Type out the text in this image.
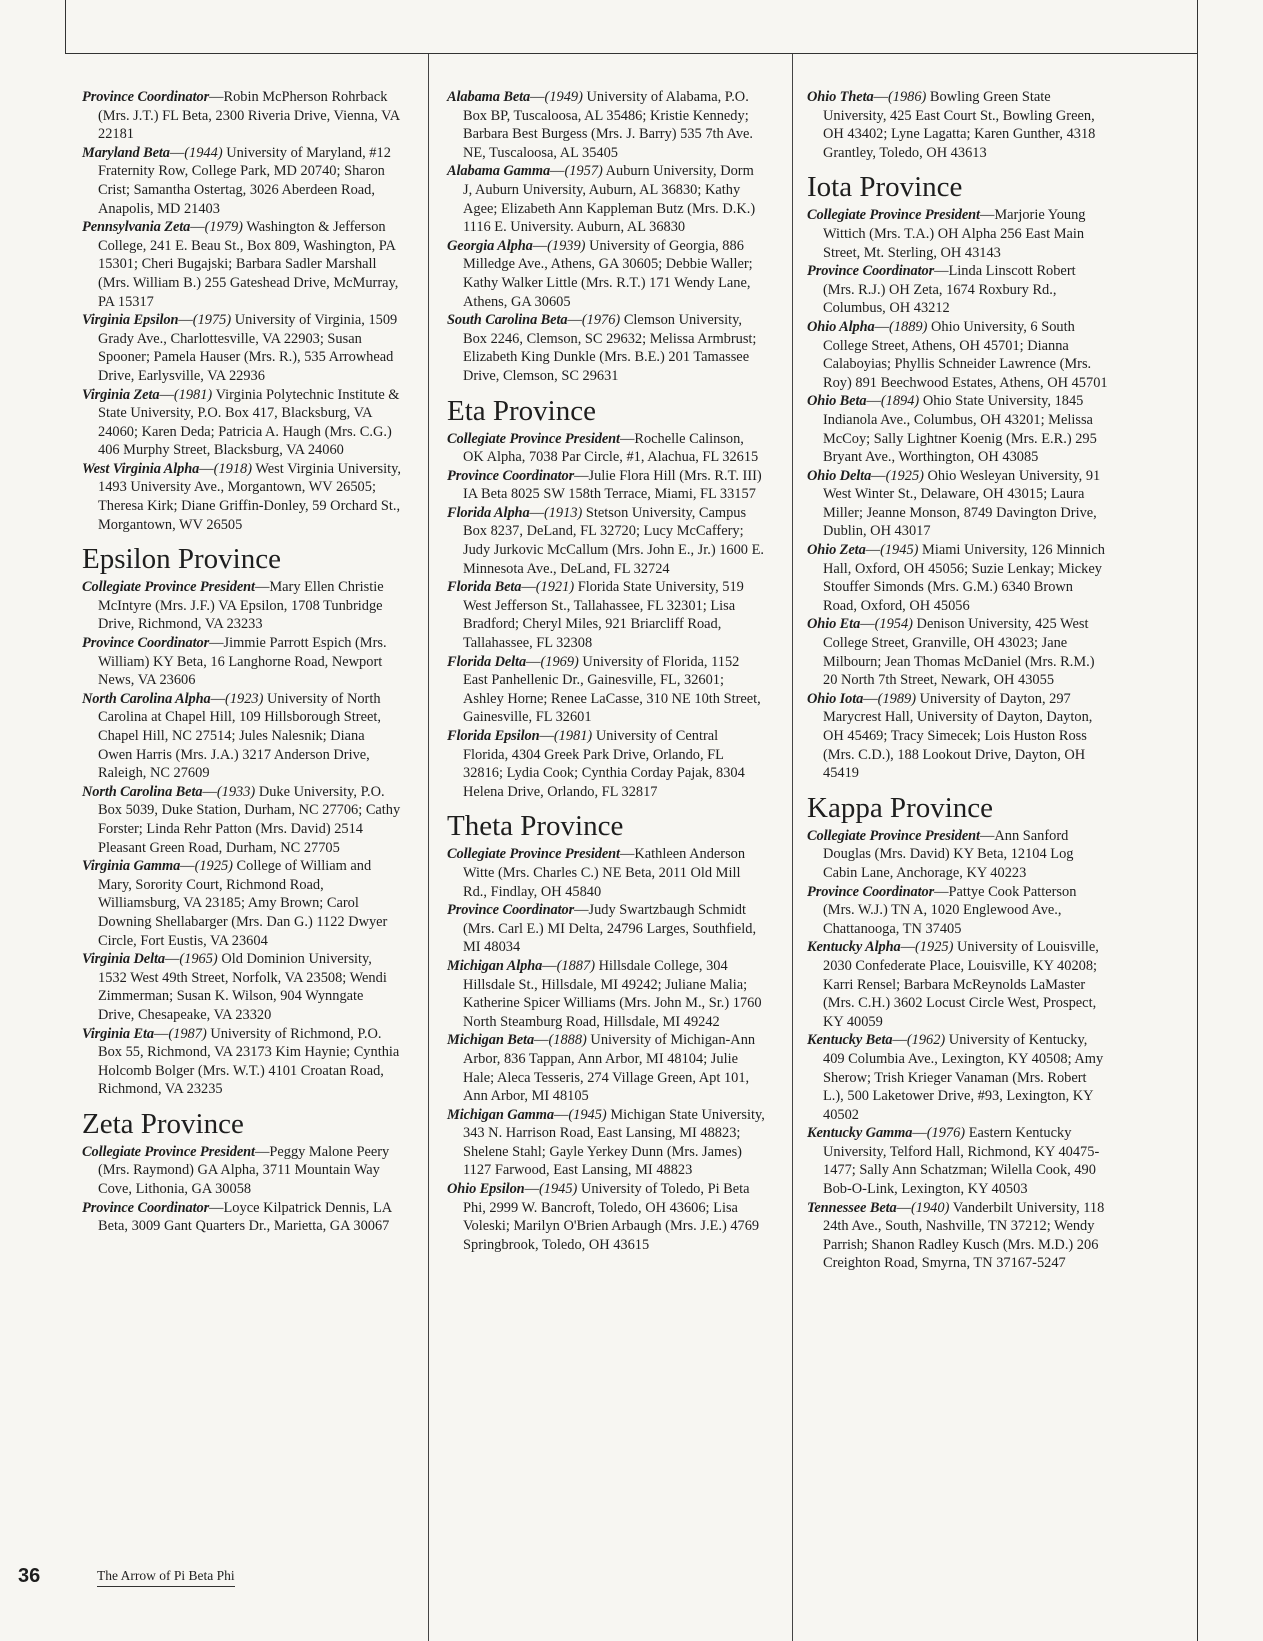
Province Coordinator—Robin McPherson Rohrback (Mrs. J.T.) FL Beta, 2300 Riveria Drive, Vienna, VA 22181

Maryland Beta—(1944) University of Maryland, #12 Fraternity Row, College Park, MD 20740; Sharon Crist; Samantha Ostertag, 3026 Aberdeen Road, Anapolis, MD 21403

Pennsylvania Zeta—(1979) Washington & Jefferson College, 241 E. Beau St., Box 809, Washington, PA 15301; Cheri Bugajski; Barbara Sadler Marshall (Mrs. William B.) 255 Gateshead Drive, McMurray, PA 15317

Virginia Epsilon—(1975) University of Virginia, 1509 Grady Ave., Charlottesville, VA 22903; Susan Spooner; Pamela Hauser (Mrs. R.), 535 Arrowhead Drive, Earlysville, VA 22936

Virginia Zeta—(1981) Virginia Polytechnic Institute & State University, P.O. Box 417, Blacksburg, VA 24060; Karen Deda; Patricia A. Haugh (Mrs. C.G.) 406 Murphy Street, Blacksburg, VA 24060

West Virginia Alpha—(1918) West Virginia University, 1493 University Ave., Morgantown, WV 26505; Theresa Kirk; Diane Griffin-Donley, 59 Orchard St., Morgantown, WV 26505

Epsilon Province

Collegiate Province President—Mary Ellen Christie McIntyre (Mrs. J.F.) VA Epsilon, 1708 Tunbridge Drive, Richmond, VA 23233

Province Coordinator—Jimmie Parrott Espich (Mrs. William) KY Beta, 16 Langhorne Road, Newport News, VA 23606

North Carolina Alpha—(1923) University of North Carolina at Chapel Hill, 109 Hillsborough Street, Chapel Hill, NC 27514; Jules Nalesnik; Diana Owen Harris (Mrs. J.A.) 3217 Anderson Drive, Raleigh, NC 27609

North Carolina Beta—(1933) Duke University, P.O. Box 5039, Duke Station, Durham, NC 27706; Cathy Forster; Linda Rehr Patton (Mrs. David) 2514 Pleasant Green Road, Durham, NC 27705

Virginia Gamma—(1925) College of William and Mary, Sorority Court, Richmond Road, Williamsburg, VA 23185; Amy Brown; Carol Downing Shellabarger (Mrs. Dan G.) 1122 Dwyer Circle, Fort Eustis, VA 23604

Virginia Delta—(1965) Old Dominion University, 1532 West 49th Street, Norfolk, VA 23508; Wendi Zimmerman; Susan K. Wilson, 904 Wynngate Drive, Chesapeake, VA 23320

Virginia Eta—(1987) University of Richmond, P.O. Box 55, Richmond, VA 23173 Kim Haynie; Cynthia Holcomb Bolger (Mrs. W.T.) 4101 Croatan Road, Richmond, VA 23235

Zeta Province

Collegiate Province President—Peggy Malone Peery (Mrs. Raymond) GA Alpha, 3711 Mountain Way Cove, Lithonia, GA 30058

Province Coordinator—Loyce Kilpatrick Dennis, LA Beta, 3009 Gant Quarters Dr., Marietta, GA 30067

Alabama Beta—(1949) University of Alabama, P.O. Box BP, Tuscaloosa, AL 35486; Kristie Kennedy; Barbara Best Burgess (Mrs. J. Barry) 535 7th Ave. NE, Tuscaloosa, AL 35405

Alabama Gamma—(1957) Auburn University, Dorm J, Auburn University, Auburn, AL 36830; Kathy Agee; Elizabeth Ann Kappleman Butz (Mrs. D.K.) 1116 E. University. Auburn, AL 36830

Georgia Alpha—(1939) University of Georgia, 886 Milledge Ave., Athens, GA 30605; Debbie Waller; Kathy Walker Little (Mrs. R.T.) 171 Wendy Lane, Athens, GA 30605

South Carolina Beta—(1976) Clemson University, Box 2246, Clemson, SC 29632; Melissa Armbrust; Elizabeth King Dunkle (Mrs. B.E.) 201 Tamassee Drive, Clemson, SC 29631

Eta Province

Collegiate Province President—Rochelle Calinson, OK Alpha, 7038 Par Circle, #1, Alachua, FL 32615

Province Coordinator—Julie Flora Hill (Mrs. R.T. III) IA Beta 8025 SW 158th Terrace, Miami, FL 33157

Florida Alpha—(1913) Stetson University, Campus Box 8237, DeLand, FL 32720; Lucy McCaffery; Judy Jurkovic McCallum (Mrs. John E., Jr.) 1600 E. Minnesota Ave., DeLand, FL 32724

Florida Beta—(1921) Florida State University, 519 West Jefferson St., Tallahassee, FL 32301; Lisa Bradford; Cheryl Miles, 921 Briarcliff Road, Tallahassee, FL 32308

Florida Delta—(1969) University of Florida, 1152 East Panhellenic Dr., Gainesville, FL, 32601; Ashley Horne; Renee LaCasse, 310 NE 10th Street, Gainesville, FL 32601

Florida Epsilon—(1981) University of Central Florida, 4304 Greek Park Drive, Orlando, FL 32816; Lydia Cook; Cynthia Corday Pajak, 8304 Helena Drive, Orlando, FL 32817

Theta Province

Collegiate Province President—Kathleen Anderson Witte (Mrs. Charles C.) NE Beta, 2011 Old Mill Rd., Findlay, OH 45840

Province Coordinator—Judy Swartzbaugh Schmidt (Mrs. Carl E.) MI Delta, 24796 Larges, Southfield, MI 48034

Michigan Alpha—(1887) Hillsdale College, 304 Hillsdale St., Hillsdale, MI 49242; Juliane Malia; Katherine Spicer Williams (Mrs. John M., Sr.) 1760 North Steamburg Road, Hillsdale, MI 49242

Michigan Beta—(1888) University of Michigan-Ann Arbor, 836 Tappan, Ann Arbor, MI 48104; Julie Hale; Aleca Tesseris, 274 Village Green, Apt 101, Ann Arbor, MI 48105

Michigan Gamma—(1945) Michigan State University, 343 N. Harrison Road, East Lansing, MI 48823; Shelene Stahl; Gayle Yerkey Dunn (Mrs. James) 1127 Farwood, East Lansing, MI 48823

Ohio Epsilon—(1945) University of Toledo, Pi Beta Phi, 2999 W. Bancroft, Toledo, OH 43606; Lisa Voleski; Marilyn O'Brien Arbaugh (Mrs. J.E.) 4769 Springbrook, Toledo, OH 43615

Ohio Theta—(1986) Bowling Green State University, 425 East Court St., Bowling Green, OH 43402; Lyne Lagatta; Karen Gunther, 4318 Grantley, Toledo, OH 43613

Iota Province

Collegiate Province President—Marjorie Young Wittich (Mrs. T.A.) OH Alpha 256 East Main Street, Mt. Sterling, OH 43143

Province Coordinator—Linda Linscott Robert (Mrs. R.J.) OH Zeta, 1674 Roxbury Rd., Columbus, OH 43212

Ohio Alpha—(1889) Ohio University, 6 South College Street, Athens, OH 45701; Dianna Calaboyias; Phyllis Schneider Lawrence (Mrs. Roy) 891 Beechwood Estates, Athens, OH 45701

Ohio Beta—(1894) Ohio State University, 1845 Indianola Ave., Columbus, OH 43201; Melissa McCoy; Sally Lightner Koenig (Mrs. E.R.) 295 Bryant Ave., Worthington, OH 43085

Ohio Delta—(1925) Ohio Wesleyan University, 91 West Winter St., Delaware, OH 43015; Laura Miller; Jeanne Monson, 8749 Davington Drive, Dublin, OH 43017

Ohio Zeta—(1945) Miami University, 126 Minnich Hall, Oxford, OH 45056; Suzie Lenkay; Mickey Stouffer Simonds (Mrs. G.M.) 6340 Brown Road, Oxford, OH 45056

Ohio Eta—(1954) Denison University, 425 West College Street, Granville, OH 43023; Jane Milbourn; Jean Thomas McDaniel (Mrs. R.M.) 20 North 7th Street, Newark, OH 43055

Ohio Iota—(1989) University of Dayton, 297 Marycrest Hall, University of Dayton, Dayton, OH 45469; Tracy Simecek; Lois Huston Ross (Mrs. C.D.), 188 Lookout Drive, Dayton, OH 45419

Kappa Province

Collegiate Province President—Ann Sanford Douglas (Mrs. David) KY Beta, 12104 Log Cabin Lane, Anchorage, KY 40223

Province Coordinator—Pattye Cook Patterson (Mrs. W.J.) TN A, 1020 Englewood Ave., Chattanooga, TN 37405

Kentucky Alpha—(1925) University of Louisville, 2030 Confederate Place, Louisville, KY 40208; Karri Rensel; Barbara McReynolds LaMaster (Mrs. C.H.) 3602 Locust Circle West, Prospect, KY 40059

Kentucky Beta—(1962) University of Kentucky, 409 Columbia Ave., Lexington, KY 40508; Amy Sherow; Trish Krieger Vanaman (Mrs. Robert L.), 500 Laketower Drive, #93, Lexington, KY 40502

Kentucky Gamma—(1976) Eastern Kentucky University, Telford Hall, Richmond, KY 40475-1477; Sally Ann Schatzman; Wilella Cook, 490 Bob-O-Link, Lexington, KY 40503

Tennessee Beta—(1940) Vanderbilt University, 118 24th Ave., South, Nashville, TN 37212; Wendy Parrish; Shanon Radley Kusch (Mrs. M.D.) 206 Creighton Road, Smyrna, TN 37167-5247

36	The Arrow of Pi Beta Phi
